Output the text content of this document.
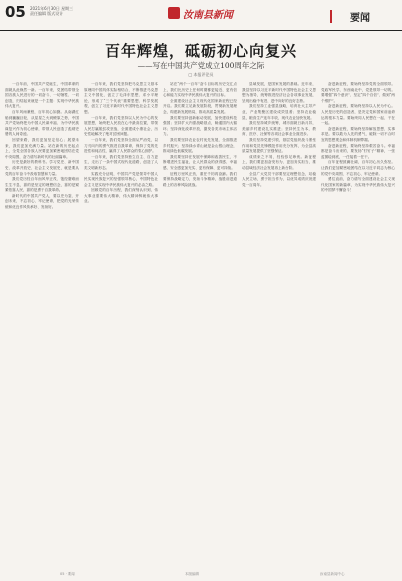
05 2021年6月30日 星期三
责任编辑 版式设计	汝南县新闻	要闻
百年辉煌，砥砺初心向复兴
——写在中国共产党成立100周年之际
□ 本报评论员

一百年前，中国共产党诞生，中国革命的面貌从此焕然一新。一百年来，党团结带领全国各族人民进行的一切奋斗、一切牺牲、一切创造，归结起来就是一个主题：实现中华民族伟大复兴。

百年风雨兼程，百年初心如磐。从南湖红船到巍巍巨轮，从星星之火到燎原之势，中国共产党始终把为中国人民谋幸福、为中华民族谋复兴作为初心使命，带领人民创造了彪炳史册的人间奇迹。

回望来路，我们更加坚定信心；展望未来，我们更加充满力量。站在新的历史起点上，全党全国各族人民要更加紧密地团结在党中央周围，奋力谱写新时代的壮丽篇章。

历史是最好的教科书。学习党史、新中国史、改革开放史、社会主义发展史，就是要从党的百年奋斗中汲取智慧和力量。

我们党历经百年而风华正茂、饱经磨难而生生不息，靠的是坚定的理想信念，靠的是紧紧依靠人民，靠的是勇于自我革命。

新时代的中国共产党人，要以史为鉴、开创未来，不忘初心、牢记使命，把党的光荣传统和优良作风传承好、发扬好。

一百年来，我们党坚持把马克思主义基本原理同中国具体实际相结合，不断推进马克思主义中国化，创立了毛泽东思想、邓小平理论，形成了“三个代表”重要思想、科学发展观，创立了习近平新时代中国特色社会主义思想。

一百年来，我们党坚持以人民为中心的发展思想，始终把人民放在心中最高位置，带领人民打赢脱贫攻坚战，全面建成小康社会，历史性地解决了绝对贫困问题。

一百年来，我们党坚持全面从严治党，以刀刃向内的勇气推进自我革命，保持了党的先进性和纯洁性，赢得了人民群众的衷心拥护。

一百年来，我们党坚持独立自主、自力更生，走出了一条中国式现代化道路，创造了人类文明新形态。

实践充分证明，中国共产党是领导中国人民实现民族复兴的坚强领导核心，中国特色社会主义是实现中华民族伟大复兴的必由之路。

回顾党的百年历程，我们深刻认识到，伟大事业需要伟大精神，伟大精神铸就伟大事业。

站在“两个一百年”奋斗目标的历史交汇点上，我们比历史上任何时期都更接近、更有信心和能力实现中华民族伟大复兴的目标。

全面建设社会主义现代化国家新征程已经开启。我们要立足新发展阶段，贯彻新发展理念，构建新发展格局，推动高质量发展。

我们要坚持创新驱动发展，加快建设科技强国；坚持扩大内需战略基点，畅通国内大循环；坚持深化改革开放，激发各类市场主体活力。

我们要坚持农业农村优先发展，全面推进乡村振兴；坚持绿水青山就是金山银山理念，推动绿色低碳发展。

我们要坚持在发展中保障和改善民生，不断增进民生福祉，让人民群众的获得感、幸福感、安全感更加充实、更有保障、更可持续。

征程万里风正劲，重任千钧再奋蹄。我们要保持战略定力，发扬斗争精神，战胜前进道路上的各种风险挑战。

县域发展，是国家发展的基础。近年来，我县坚持以习近平新时代中国特色社会主义思想为指导，统筹推进经济社会各项事业发展，呈现出稳中有进、进中向好的良好态势。

我们坚持工业强县战略，培育壮大主导产业，产业集聚区建设成效显著；坚持农业稳县，粮食生产连年丰收，现代农业加快发展。

我们坚持城乡统筹，城市面貌日新月异，美丽乡村建设扎实推进；坚持民生为本，教育、医疗、社保等各项社会事业全面进步。

我们坚持党建引领，基层党组织战斗堡垒作用和党员先锋模范作用充分发挥，为全县高质量发展提供了坚强保证。

成绩来之不易，经验弥足珍贵。新征程上，我们要更加奋发有为、更加务实担当，推动县域经济社会发展再上新台阶。

全县广大党员干部要坚定理想信念，站稳人民立场，勇于担当作为，以优异成绩庆祝建党一百周年。

奋进新征程，要始终坚持党的全面领导。党政军民学，东西南北中，党是领导一切的。要增强“四个意识”、坚定“四个自信”、做到“两个维护”。

奋进新征程，要始终坚持以人民为中心。人民是历史的创造者，是决定党和国家前途命运的根本力量。要始终同人民想在一起、干在一起。

奋进新征程，要始终坚持解放思想、实事求是。要以敢为人先的勇气，破除一切不合时宜的思想观念和体制机制弊端。

奋进新征程，要始终坚持艰苦奋斗。幸福都是奋斗出来的，要发扬“钉钉子”精神，一张蓝图绘到底，一任接着一任干。

百年征程波澜壮阔，百年初心历久弥坚。让我们更加紧密地团结在以习近平同志为核心的党中央周围，不忘初心、牢记使命。

勇往直前，奋力谱写全面建设社会主义现代化国家的新篇章，为实现中华民族伟大复兴的中国梦不懈奋斗！

05 · 要闻	本版编辑	汝南县新闻中心
